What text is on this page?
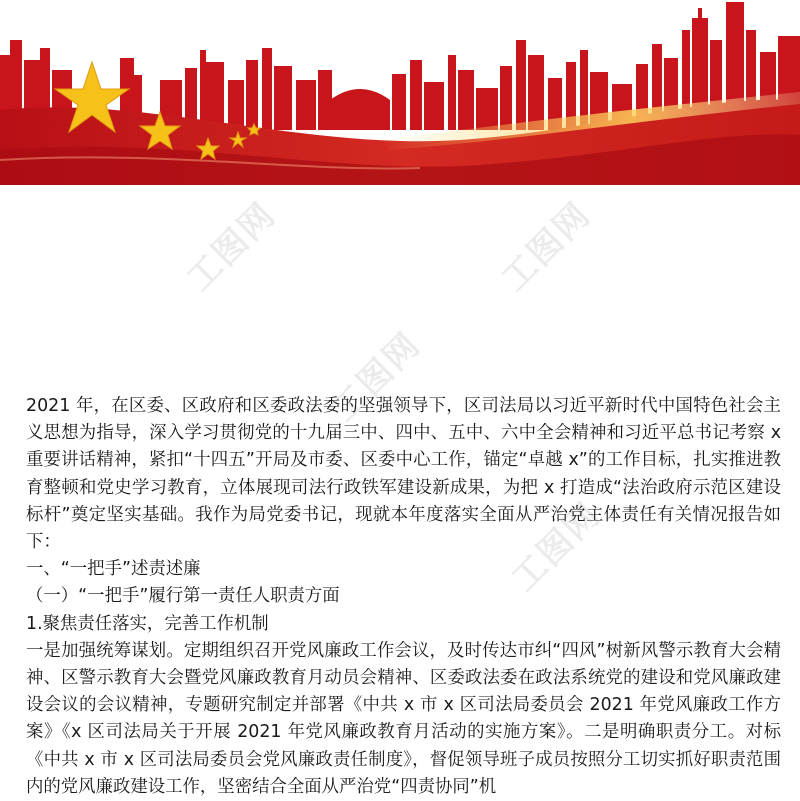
工图网	工图网
工图网
工图网

2021 年，在区委、区政府和区委政法委的坚强领导下，区司法局以习近平新时代中国特色社会主义思想为指导，深入学习贯彻党的十九届三中、四中、五中、六中全会精神和习近平总书记考察 x 重要讲话精神，紧扣“十四五”开局及市委、区委中心工作，锚定“卓越 x”的工作目标，扎实推进教育整顿和党史学习教育，立体展现司法行政铁军建设新成果，为把 x 打造成“法治政府示范区建设标杆”奠定坚实基础。我作为局党委书记，现就本年度落实全面从严治党主体责任有关情况报告如下：

一、“一把手”述责述廉

（一）“一把手”履行第一责任人职责方面

1.聚焦责任落实，完善工作机制

一是加强统筹谋划。定期组织召开党风廉政工作会议，及时传达市纠“四风”树新风警示教育大会精神、区警示教育大会暨党风廉政教育月动员会精神、区委政法委在政法系统党的建设和党风廉政建设会议的会议精神，专题研究制定并部署《中共 x 市 x 区司法局委员会 2021 年党风廉政工作方案》《x 区司法局关于开展 2021 年党风廉政教育月活动的实施方案》。二是明确职责分工。对标《中共 x 市 x 区司法局委员会党风廉政责任制度》，督促领导班子成员按照分工切实抓好职责范围内的党风廉政建设工作，坚密结合全面从严治党“四责协同”机
